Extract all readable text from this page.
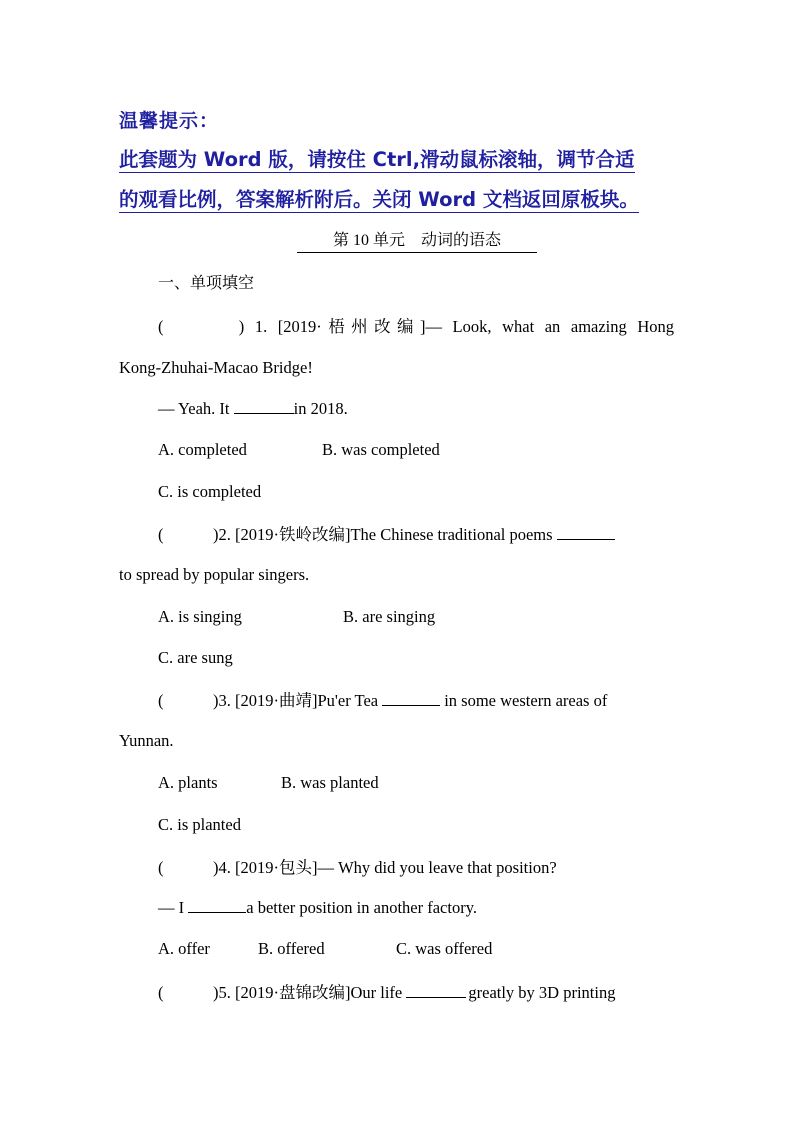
温馨提示：
此套题为 Word 版，请按住 Ctrl,滑动鼠标滚轴，调节合适
的观看比例，答案解析附后。关闭 Word 文档返回原板块。
第 10 单元　动词的语态
一、单项填空
(　　　) 1. [2019·梧州改编]— Look, what an amazing Hong
Kong-Zhuhai-Macao Bridge!
— Yeah. It	in 2018.
A. completed	B. was completed
C. is completed
(　　　)2. [2019·铁岭改编]The Chinese traditional poems
to spread by popular singers.
A. is singing	B. are singing
C. are sung
(　　　)3. [2019·曲靖]Pu'er Tea	in some western areas of
Yunnan.
A. plants	B. was planted
C. is planted
(　　　)4. [2019·包头]— Why did you leave that position?
— I	a better position in another factory.
A. offer	B. offered	C. was offered
(　　　)5. [2019·盘锦改编]Our life	greatly by 3D printing
